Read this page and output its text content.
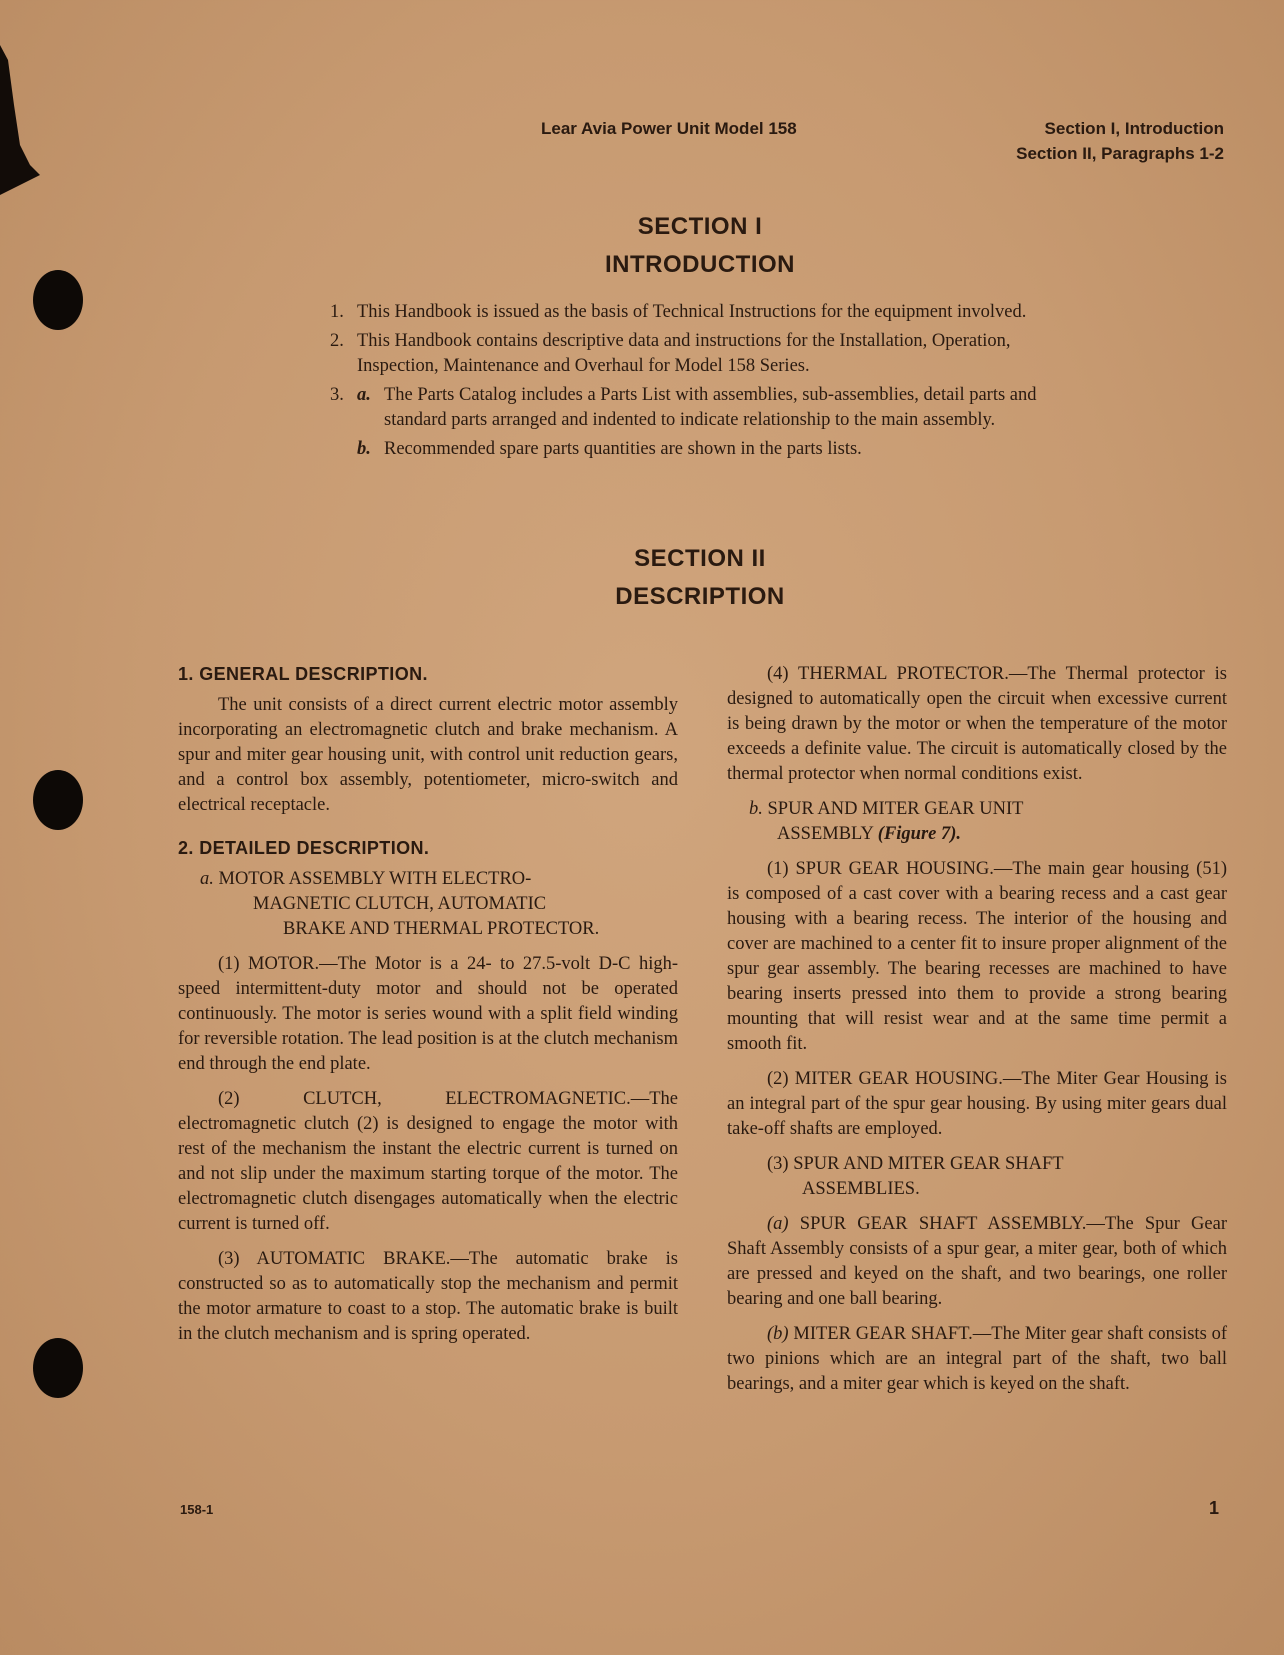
Lear Avia Power Unit Model 158	Section I, Introduction
Section II, Paragraphs 1-2
SECTION I
INTRODUCTION
1. This Handbook is issued as the basis of Technical Instructions for the equipment involved.
2. This Handbook contains descriptive data and instructions for the Installation, Operation, Inspection, Maintenance and Overhaul for Model 158 Series.
3. a. The Parts Catalog includes a Parts List with assemblies, sub-assemblies, detail parts and standard parts arranged and indented to indicate relationship to the main assembly.
b. Recommended spare parts quantities are shown in the parts lists.
SECTION II
DESCRIPTION
1. GENERAL DESCRIPTION.

The unit consists of a direct current electric motor assembly incorporating an electromagnetic clutch and brake mechanism. A spur and miter gear housing unit, with control unit reduction gears, and a control box assembly, potentiometer, micro-switch and electrical receptacle.

2. DETAILED DESCRIPTION.
a. MOTOR ASSEMBLY WITH ELECTRO-
MAGNETIC CLUTCH, AUTOMATIC
BRAKE AND THERMAL PROTECTOR.

(1) MOTOR.—The Motor is a 24- to 27.5-volt D-C high-speed intermittent-duty motor and should not be operated continuously. The motor is series wound with a split field winding for reversible rotation. The lead position is at the clutch mechanism end through the end plate.

(2) CLUTCH, ELECTROMAGNETIC.—The electromagnetic clutch (2) is designed to engage the motor with rest of the mechanism the instant the electric current is turned on and not slip under the maximum starting torque of the motor. The electromagnetic clutch disengages automatically when the electric current is turned off.

(3) AUTOMATIC BRAKE.—The automatic brake is constructed so as to automatically stop the mechanism and permit the motor armature to coast to a stop. The automatic brake is built in the clutch mechanism and is spring operated.

(4) THERMAL PROTECTOR.—The Thermal protector is designed to automatically open the circuit when excessive current is being drawn by the motor or when the temperature of the motor exceeds a definite value. The circuit is automatically closed by the thermal protector when normal conditions exist.

b. SPUR AND MITER GEAR UNIT
ASSEMBLY (Figure 7).

(1) SPUR GEAR HOUSING.—The main gear housing (51) is composed of a cast cover with a bearing recess and a cast gear housing with a bearing recess. The interior of the housing and cover are machined to a center fit to insure proper alignment of the spur gear assembly. The bearing recesses are machined to have bearing inserts pressed into them to provide a strong bearing mounting that will resist wear and at the same time permit a smooth fit.

(2) MITER GEAR HOUSING.—The Miter Gear Housing is an integral part of the spur gear housing. By using miter gears dual take-off shafts are employed.

(3) SPUR AND MITER GEAR SHAFT
ASSEMBLIES.

(a) SPUR GEAR SHAFT ASSEMBLY.—The Spur Gear Shaft Assembly consists of a spur gear, a miter gear, both of which are pressed and keyed on the shaft, and two bearings, one roller bearing and one ball bearing.

(b) MITER GEAR SHAFT.—The Miter gear shaft consists of two pinions which are an integral part of the shaft, two ball bearings, and a miter gear which is keyed on the shaft.

158-1	1
